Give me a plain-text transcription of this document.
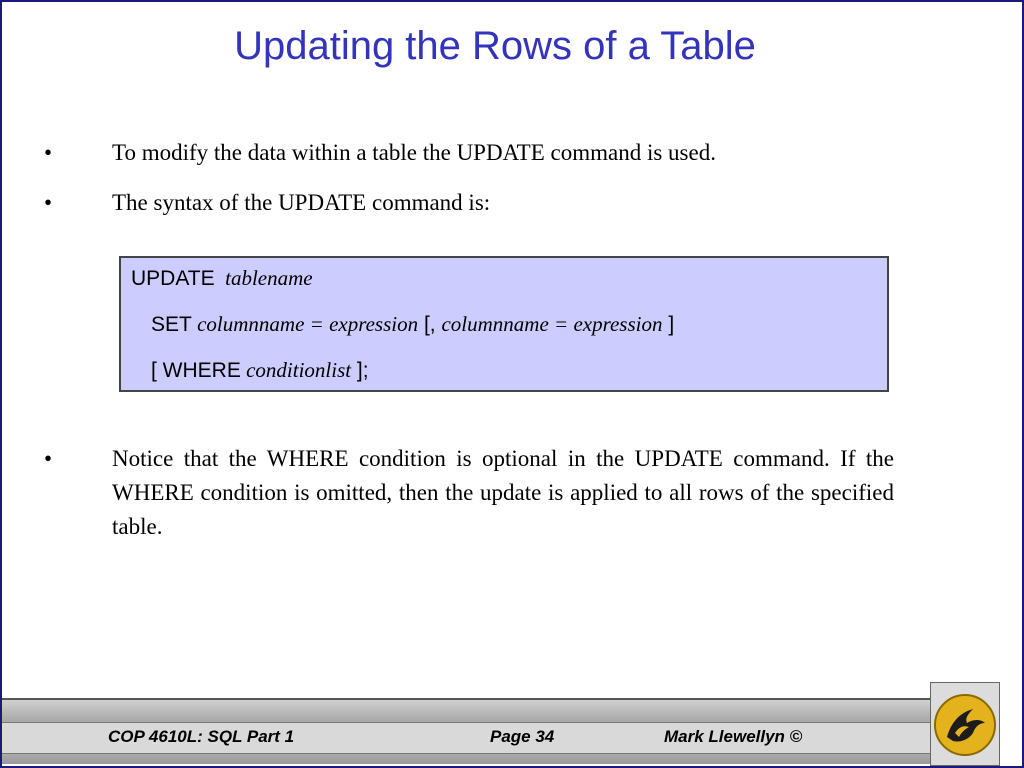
Updating the Rows of a Table
•	To modify the data within a table the UPDATE command is used.
•	The syntax of the UPDATE command is:
UPDATE tablename
SET columnname = expression [, columnname = expression ]
[ WHERE conditionlist ];
•	Notice that the WHERE condition is optional in the UPDATE command. If the WHERE condition is omitted, then the update is applied to all rows of the specified table.
COP 4610L: SQL Part 1	Page 34	Mark Llewellyn ©
